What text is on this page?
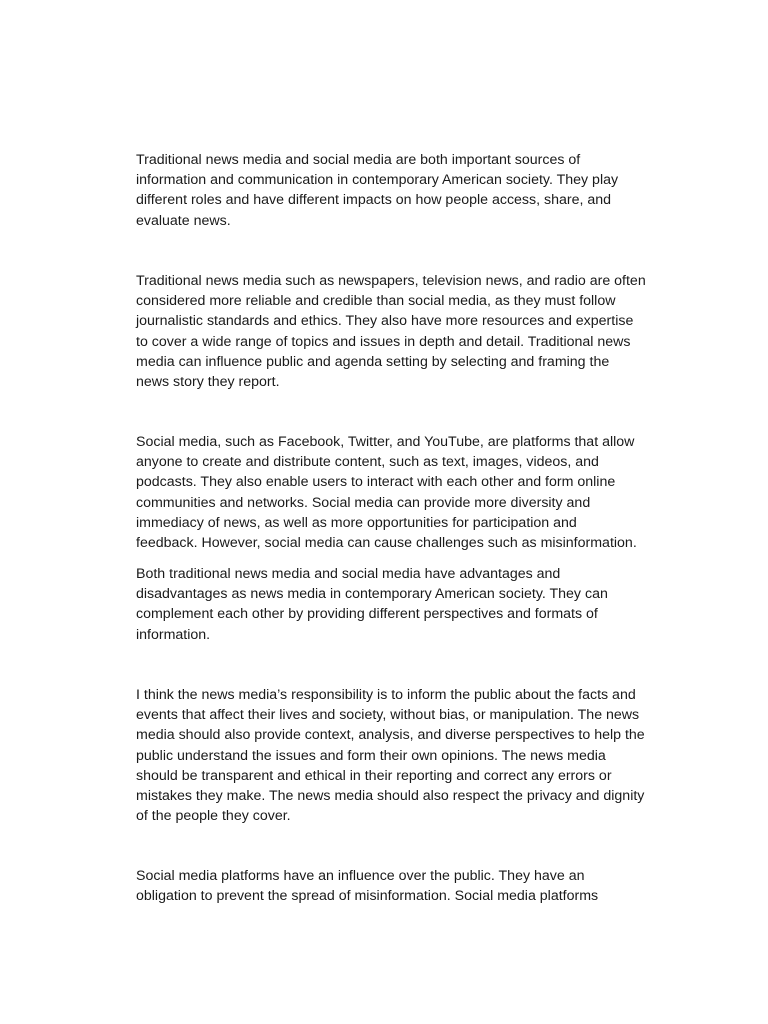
Traditional news media and social media are both important sources of
information and communication in contemporary American society. They play
different roles and have different impacts on how people access, share, and
evaluate news.

Traditional news media such as newspapers, television news, and radio are often
considered more reliable and credible than social media, as they must follow
journalistic standards and ethics. They also have more resources and expertise
to cover a wide range of topics and issues in depth and detail. Traditional news
media can influence public and agenda setting by selecting and framing the
news story they report.

Social media, such as Facebook, Twitter, and YouTube, are platforms that allow
anyone to create and distribute content, such as text, images, videos, and
podcasts. They also enable users to interact with each other and form online
communities and networks. Social media can provide more diversity and
immediacy of news, as well as more opportunities for participation and
feedback. However, social media can cause challenges such as misinformation.

Both traditional news media and social media have advantages and
disadvantages as news media in contemporary American society. They can
complement each other by providing different perspectives and formats of
information.

I think the news media’s responsibility is to inform the public about the facts and
events that affect their lives and society, without bias, or manipulation. The news
media should also provide context, analysis, and diverse perspectives to help the
public understand the issues and form their own opinions. The news media
should be transparent and ethical in their reporting and correct any errors or
mistakes they make. The news media should also respect the privacy and dignity
of the people they cover.

Social media platforms have an influence over the public. They have an
obligation to prevent the spread of misinformation. Social media platforms
